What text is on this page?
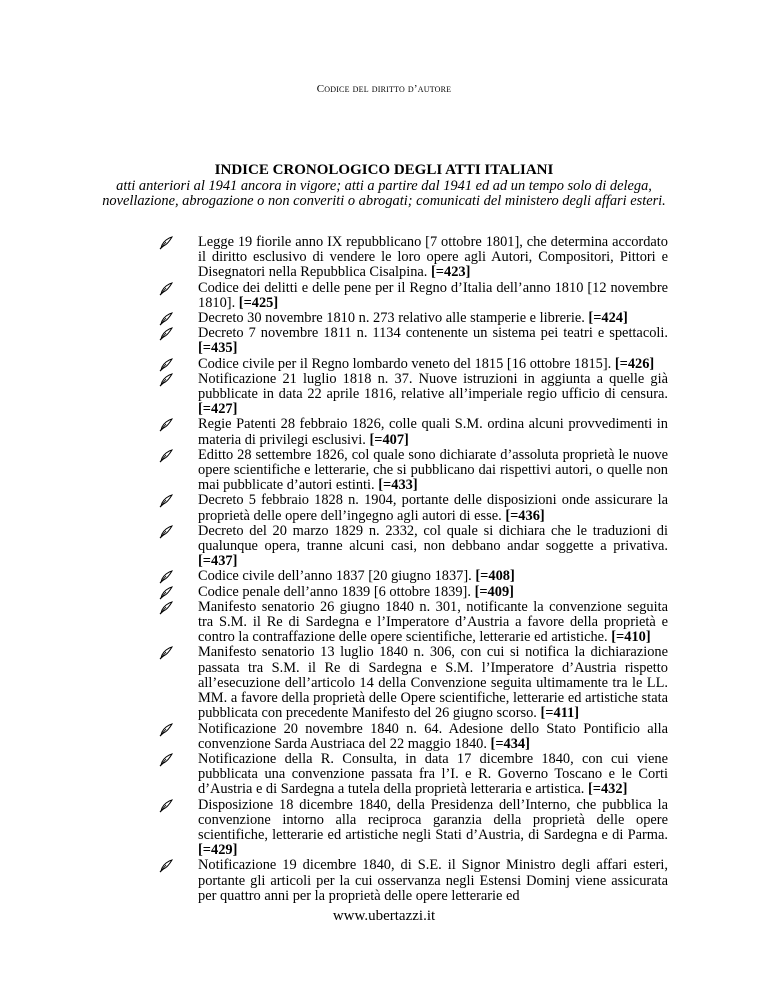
Codice del diritto d’autore
INDICE CRONOLOGICO DEGLI ATTI ITALIANI
atti anteriori al 1941 ancora in vigore; atti a partire dal 1941 ed ad un tempo solo di delega, novellazione, abrogazione o non converiti o abrogati; comunicati del ministero degli affari esteri.
Legge 19 fiorile anno IX repubblicano [7 ottobre 1801], che determina accordato il diritto esclusivo di vendere le loro opere agli Autori, Compositori, Pittori e Disegnatori nella Repubblica Cisalpina. [=423]
Codice dei delitti e delle pene per il Regno d’Italia dell’anno 1810 [12 novembre 1810]. [=425]
Decreto 30 novembre 1810 n. 273 relativo alle stamperie e librerie. [=424]
Decreto 7 novembre 1811 n. 1134 contenente un sistema pei teatri e spettacoli. [=435]
Codice civile per il Regno lombardo veneto del 1815 [16 ottobre 1815]. [=426]
Notificazione 21 luglio 1818 n. 37. Nuove istruzioni in aggiunta a quelle già pubblicate in data 22 aprile 1816, relative all’imperiale regio ufficio di censura. [=427]
Regie Patenti 28 febbraio 1826, colle quali S.M. ordina alcuni provvedimenti in materia di privilegi esclusivi. [=407]
Editto 28 settembre 1826, col quale sono dichiarate d’assoluta proprietà le nuove opere scientifiche e letterarie, che si pubblicano dai rispettivi autori, o quelle non mai pubblicate d’autori estinti. [=433]
Decreto 5 febbraio 1828 n. 1904, portante delle disposizioni onde assicurare la proprietà delle opere dell’ingegno agli autori di esse. [=436]
Decreto del 20 marzo 1829 n. 2332, col quale si dichiara che le traduzioni di qualunque opera, tranne alcuni casi, non debbano andar soggette a privativa. [=437]
Codice civile dell’anno 1837 [20 giugno 1837]. [=408]
Codice penale dell’anno 1839 [6 ottobre 1839]. [=409]
Manifesto senatorio 26 giugno 1840 n. 301, notificante la convenzione seguita tra S.M. il Re di Sardegna e l’Imperatore d’Austria a favore della proprietà e contro la contraffazione delle opere scientifiche, letterarie ed artistiche. [=410]
Manifesto senatorio 13 luglio 1840 n. 306, con cui si notifica la dichiarazione passata tra S.M. il Re di Sardegna e S.M. l’Imperatore d’Austria rispetto all’esecuzione dell’articolo 14 della Convenzione seguita ultimamente tra le LL. MM. a favore della proprietà delle Opere scientifiche, letterarie ed artistiche stata pubblicata con precedente Manifesto del 26 giugno scorso. [=411]
Notificazione 20 novembre 1840 n. 64. Adesione dello Stato Pontificio alla convenzione Sarda Austriaca del 22 maggio 1840. [=434]
Notificazione della R. Consulta, in data 17 dicembre 1840, con cui viene pubblicata una convenzione passata fra l’I. e R. Governo Toscano e le Corti d’Austria e di Sardegna a tutela della proprietà letteraria e artistica. [=432]
Disposizione 18 dicembre 1840, della Presidenza dell’Interno, che pubblica la convenzione intorno alla reciproca garanzia della proprietà delle opere scientifiche, letterarie ed artistiche negli Stati d’Austria, di Sardegna e di Parma. [=429]
Notificazione 19 dicembre 1840, di S.E. il Signor Ministro degli affari esteri, portante gli articoli per la cui osservanza negli Estensi Dominj viene assicurata per quattro anni per la proprietà delle opere letterarie ed
www.ubertazzi.it
